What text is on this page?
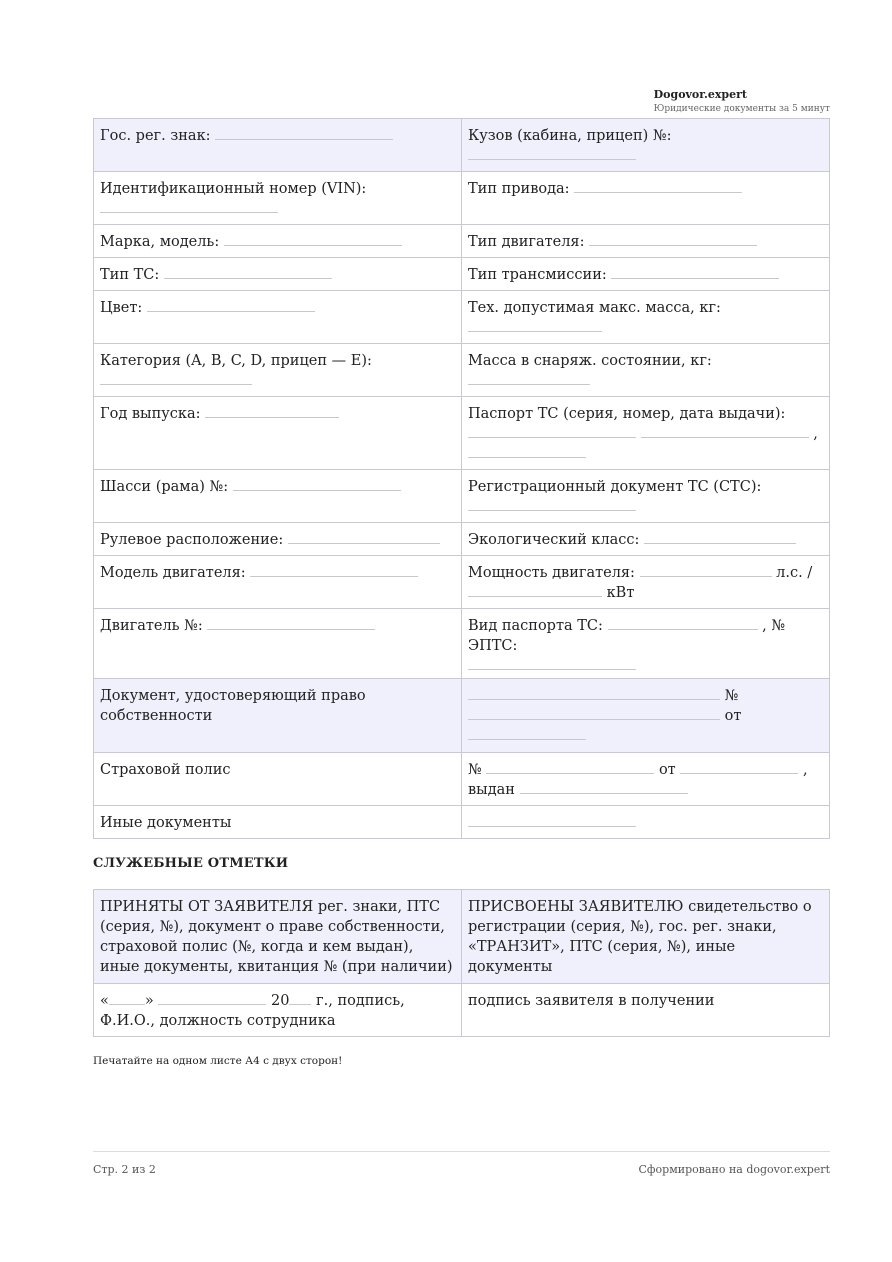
Dogovor.expert
Юридические документы за 5 минут
Гос. рег. знак:	Кузов (кабина, прицеп) №:

Идентификационный номер (VIN):	Тип привода:
Марка, модель:	Тип двигателя:
Тип ТС:	Тип трансмиссии:
Цвет:	Тех. допустимая макс. масса, кг:

Категория (A, B, C, D, прицеп — E):	Масса в снаряж. состоянии, кг:
Год выпуска:	Паспорт ТС (серия, номер, дата выдачи):
,

Шасси (рама) №:	Регистрационный документ ТС (СТС):

Рулевое расположение:	Экологический класс:
Модель двигателя:	Мощность двигателя: л.с. /
кВт

Двигатель №:	Вид паспорта ТС: , № ЭПТС:
Документ, удостоверяющий право собственности	№
от

Страховой полис	№ от ,
выдан

Иные документы	
СЛУЖЕБНЫЕ ОТМЕТКИ
ПРИНЯТЫ ОТ ЗАЯВИТЕЛЯ рег. знаки, ПТС (серия, №), документ о праве собственности, страховой полис (№, когда и кем выдан), иные документы, квитанция № (при наличии)	ПРИСВОЕНЫ ЗАЯВИТЕЛЮ свидетельство о регистрации (серия, №), гос. рег. знаки, «ТРАНЗИТ», ПТС (серия, №), иные документы
« » 20 г., подпись, Ф.И.О., должность сотрудника	подпись заявителя в получении
Печатайте на одном листе А4 с двух сторон!
Стр. 2 из 2	Сформировано на dogovor.expert
